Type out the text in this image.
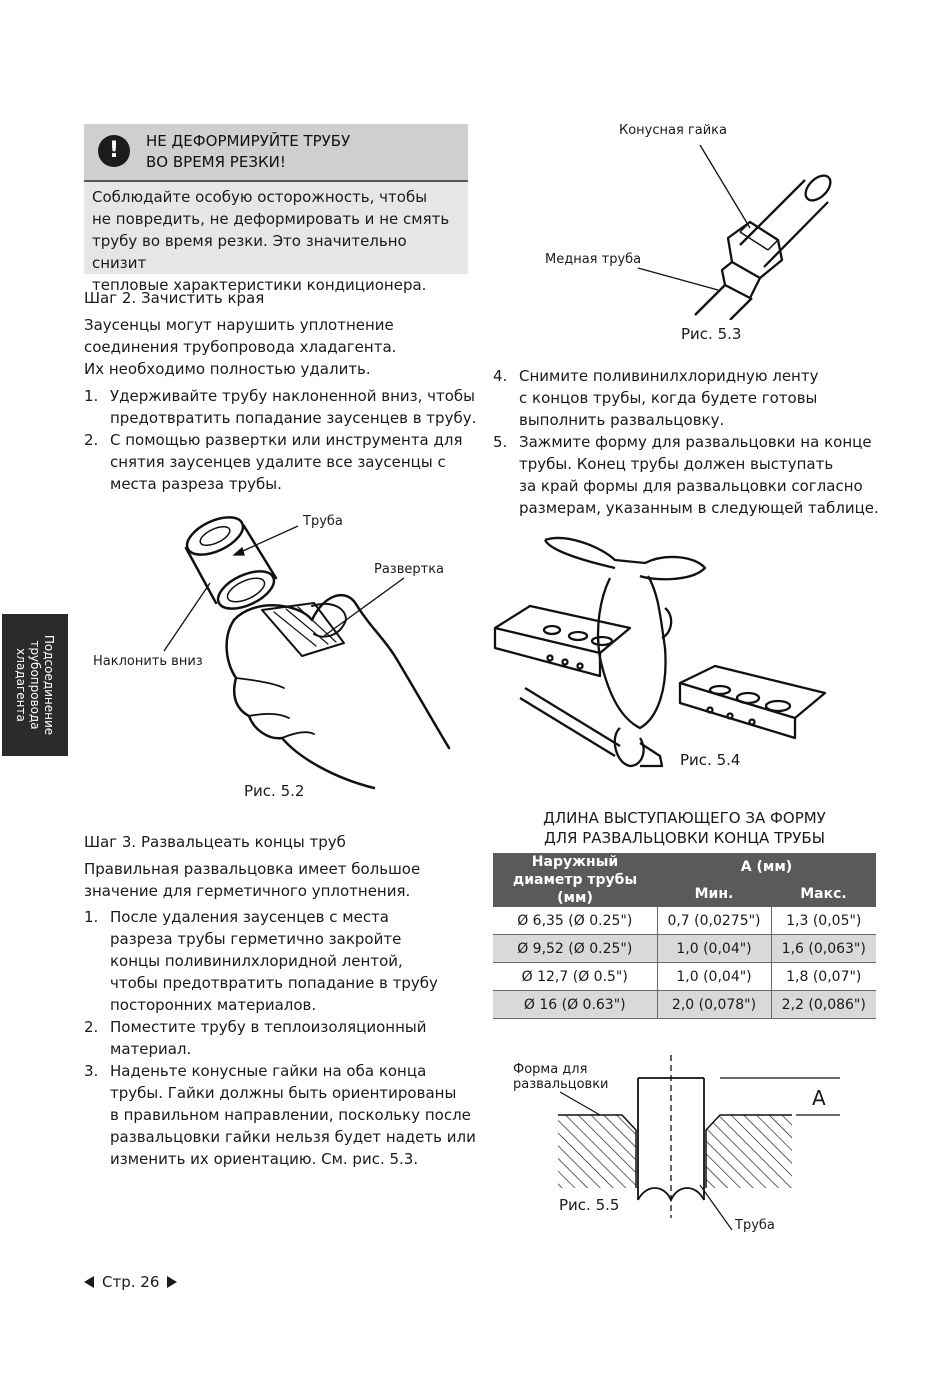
!	НЕ ДЕФОРМИРУЙТЕ ТРУБУ
ВО ВРЕМЯ РЕЗКИ!
Соблюдайте особую осторожность, чтобы
не повредить, не деформировать и не смять
трубу во время резки. Это значительно снизит
тепловые характеристики кондиционера.
Шаг 2. Зачистить края
Заусенцы могут нарушить уплотнение
соединения трубопровода хладагента.
Их необходимо полностью удалить.
1. Удерживайте трубу наклоненной вниз, чтобы
предотвратить попадание заусенцев в трубу.
2. С помощью развертки или инструмента для
снятия заусенцев удалите все заусенцы с
места разреза трубы.
Труба
Развертка
Наклонить вниз
Рис. 5.2
Подсоединение
трубопровода
хладагента
Шаг 3. Развальцеать концы труб
Правильная развальцовка имеет большое
значение для герметичного уплотнения.
1. После удаления заусенцев с места
разреза трубы герметично закройте
концы поливинилхлоридной лентой,
чтобы предотвратить попадание в трубу
посторонних материалов.
2. Поместите трубу в теплоизоляционный
материал.
3. Наденьте конусные гайки на оба конца
трубы. Гайки должны быть ориентированы
в правильном направлении, поскольку после
развальцовки гайки нельзя будет надеть или
изменить их ориентацию. См. рис. 5.3.
Конусная гайка
Медная труба
Рис. 5.3
4. Снимите поливинилхлоридную ленту
с концов трубы, когда будете готовы
выполнить развальцовку.
5. Зажмите форму для развальцовки на конце
трубы. Конец трубы должен выступать
за край формы для развальцовки согласно
размерам, указанным в следующей таблице.
Рис. 5.4
ДЛИНА ВЫСТУПАЮЩЕГО ЗА ФОРМУ
ДЛЯ РАЗВАЛЬЦОВКИ КОНЦА ТРУБЫ
Наружный диаметр трубы (мм)	А (мм)	
	Мин.	Макс.
Ø 6,35 (Ø 0.25")	0,7 (0,0275")	1,3 (0,05")
Ø 9,52 (Ø 0.25")	1,0 (0,04")	1,6 (0,063")
Ø 12,7 (Ø 0.5")	1,0 (0,04")	1,8 (0,07")
Ø 16 (Ø 0.63")	2,0 (0,078")	2,2 (0,086")
Форма для
развальцовки
A
Труба
Рис. 5.5
Стр. 26
